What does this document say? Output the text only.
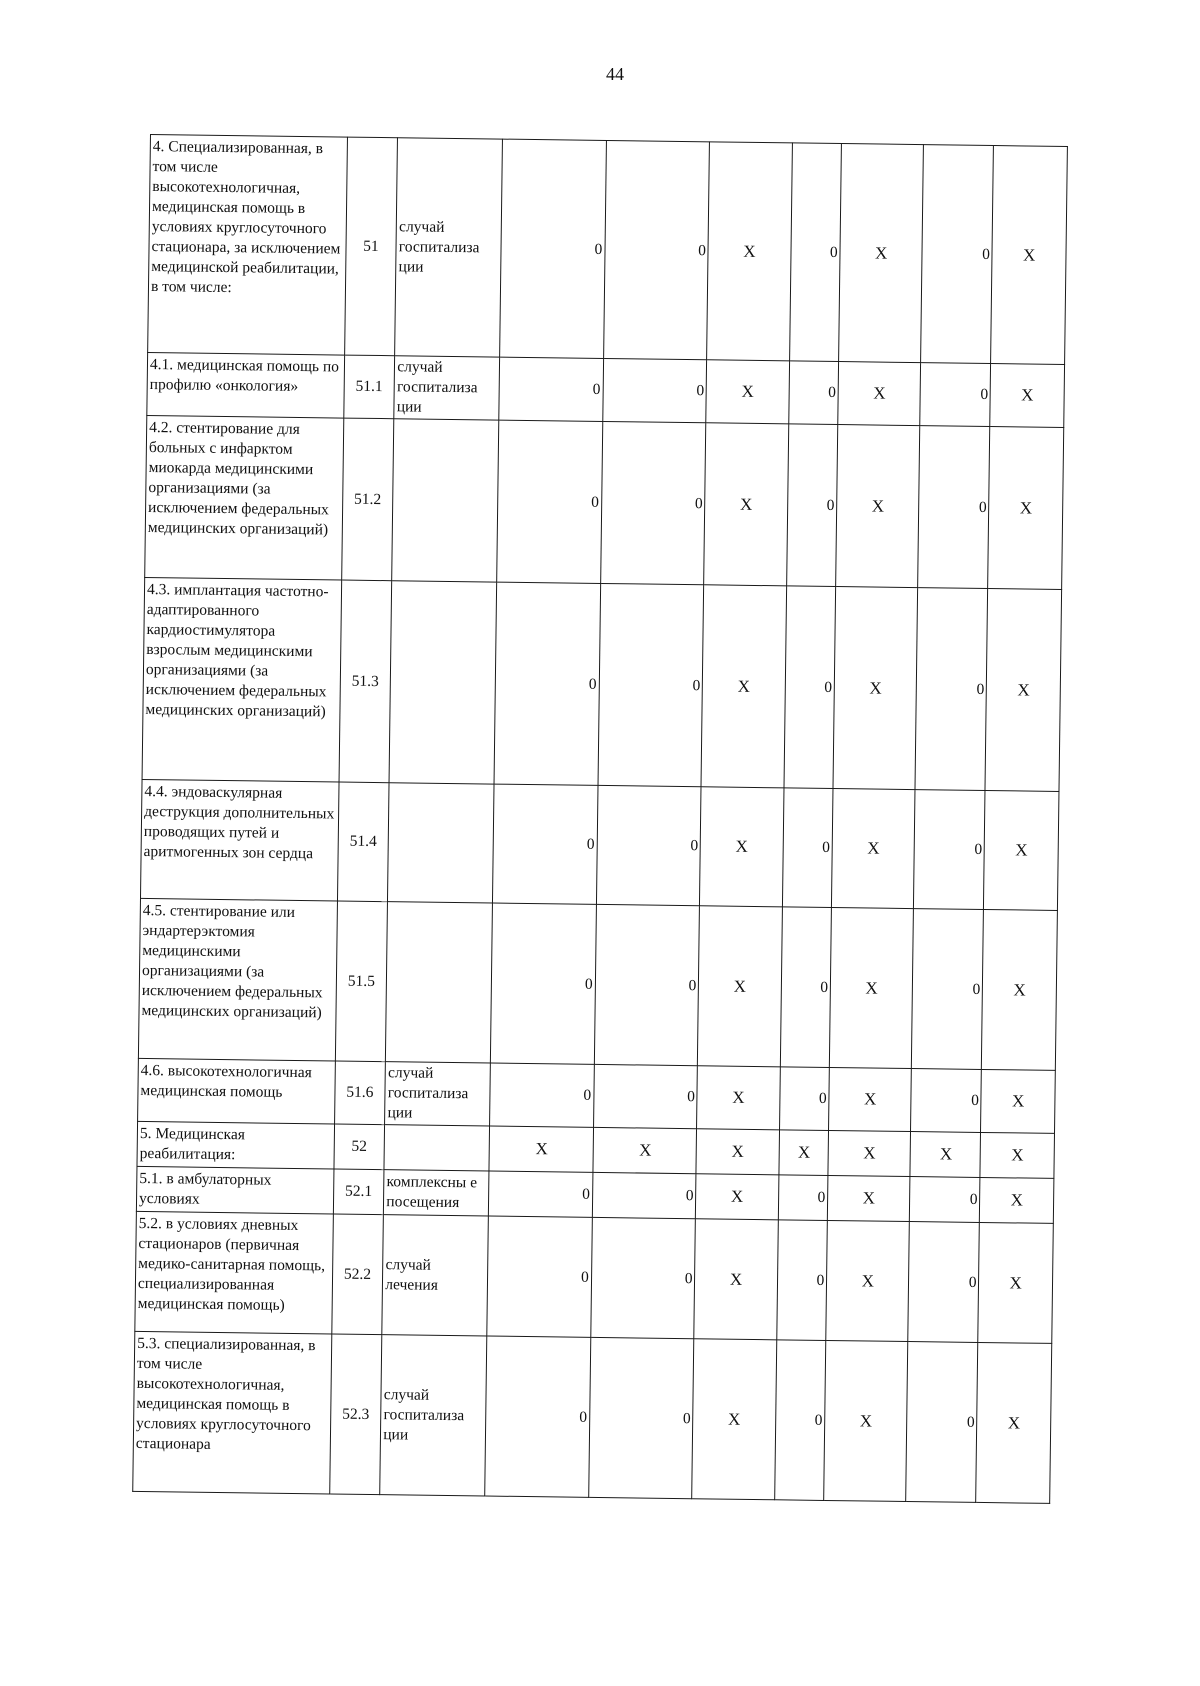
44
4. Специализированная, в том числе высокотехнологичная, медицинская помощь в условиях круглосуточного стационара, за исключением медицинской реабилитации, в том числе:	51	случай госпитализа ции	0	0	X	0	X	0	X
4.1. медицинская помощь по профилю «онкология»	51.1	случай госпитализа ции	0	0	X	0	X	0	X
4.2. стентирование для больных с инфарктом миокарда медицинскими организациями (за исключением федеральных медицинских организаций)	51.2		0	0	X	0	X	0	X
4.3. имплантация частотно-адаптированного кардиостимулятора взрослым медицинскими организациями (за исключением федеральных медицинских организаций)	51.3		0	0	X	0	X	0	X
4.4. эндоваскулярная деструкция дополнительных проводящих путей и аритмогенных зон сердца	51.4		0	0	X	0	X	0	X
4.5. стентирование или эндартерэктомия медицинскими организациями (за исключением федеральных медицинских организаций)	51.5		0	0	X	0	X	0	X
4.6. высокотехнологичная медицинская помощь	51.6	случай госпитализа ции	0	0	X	0	X	0	X
5. Медицинская реабилитация:	52		X	X	X	X	X	X	X
5.1. в амбулаторных условиях	52.1	комплексны е посещения	0	0	X	0	X	0	X
5.2. в условиях дневных стационаров (первичная медико-санитарная помощь, специализированная медицинская помощь)	52.2	случай лечения	0	0	X	0	X	0	X
5.3. специализированная, в том числе высокотехнологичная, медицинская помощь в условиях круглосуточного стационара	52.3	случай госпитализа ции	0	0	X	0	X	0	X
